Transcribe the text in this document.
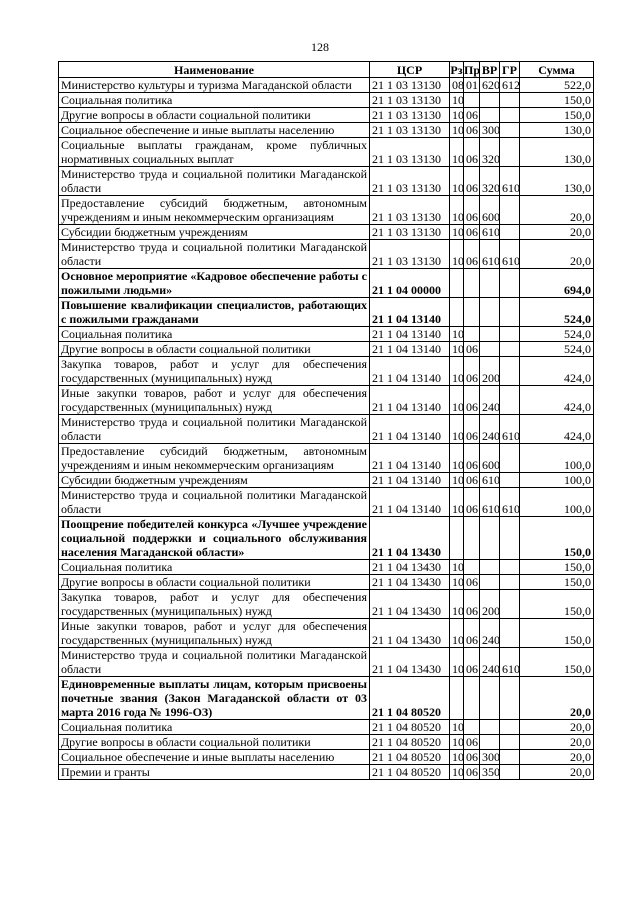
128
Наименование	ЦСР	Рз	Пр	ВР	ГР	Сумма
Министерство культуры и туризма Магаданской области	21 1 03 13130	08	01	620	612	522,0
Социальная политика	21 1 03 13130	10				150,0
Другие вопросы в области социальной политики	21 1 03 13130	10	06			150,0
Социальное обеспечение и иные выплаты населению	21 1 03 13130	10	06	300		130,0
Социальные выплаты гражданам, кроме публичных нормативных социальных выплат	21 1 03 13130	10	06	320		130,0
Министерство труда и социальной политики Магаданской области	21 1 03 13130	10	06	320	610	130,0
Предоставление субсидий бюджетным, автономным учреждениям и иным некоммерческим организациям	21 1 03 13130	10	06	600		20,0
Субсидии бюджетным учреждениям	21 1 03 13130	10	06	610		20,0
Министерство труда и социальной политики Магаданской области	21 1 03 13130	10	06	610	610	20,0
Основное мероприятие «Кадровое обеспечение работы с пожилыми людьми»	21 1 04 00000					694,0
Повышение квалификации специалистов, работающих с пожилыми гражданами	21 1 04 13140					524,0
Социальная политика	21 1 04 13140	10				524,0
Другие вопросы в области социальной политики	21 1 04 13140	10	06			524,0
Закупка товаров, работ и услуг для обеспечения государственных (муниципальных) нужд	21 1 04 13140	10	06	200		424,0
Иные закупки товаров, работ и услуг для обеспечения государственных (муниципальных) нужд	21 1 04 13140	10	06	240		424,0
Министерство труда и социальной политики Магаданской области	21 1 04 13140	10	06	240	610	424,0
Предоставление субсидий бюджетным, автономным учреждениям и иным некоммерческим организациям	21 1 04 13140	10	06	600		100,0
Субсидии бюджетным учреждениям	21 1 04 13140	10	06	610		100,0
Министерство труда и социальной политики Магаданской области	21 1 04 13140	10	06	610	610	100,0
Поощрение победителей конкурса «Лучшее учреждение социальной поддержки и социального обслуживания населения Магаданской области»	21 1 04 13430					150,0
Социальная политика	21 1 04 13430	10				150,0
Другие вопросы в области социальной политики	21 1 04 13430	10	06			150,0
Закупка товаров, работ и услуг для обеспечения государственных (муниципальных) нужд	21 1 04 13430	10	06	200		150,0
Иные закупки товаров, работ и услуг для обеспечения государственных (муниципальных) нужд	21 1 04 13430	10	06	240		150,0
Министерство труда и социальной политики Магаданской области	21 1 04 13430	10	06	240	610	150,0
Единовременные выплаты лицам, которым присвоены почетные звания (Закон Магаданской области от 03 марта 2016 года № 1996-ОЗ)	21 1 04 80520					20,0
Социальная политика	21 1 04 80520	10				20,0
Другие вопросы в области социальной политики	21 1 04 80520	10	06			20,0
Социальное обеспечение и иные выплаты населению	21 1 04 80520	10	06	300		20,0
Премии и гранты	21 1 04 80520	10	06	350		20,0
